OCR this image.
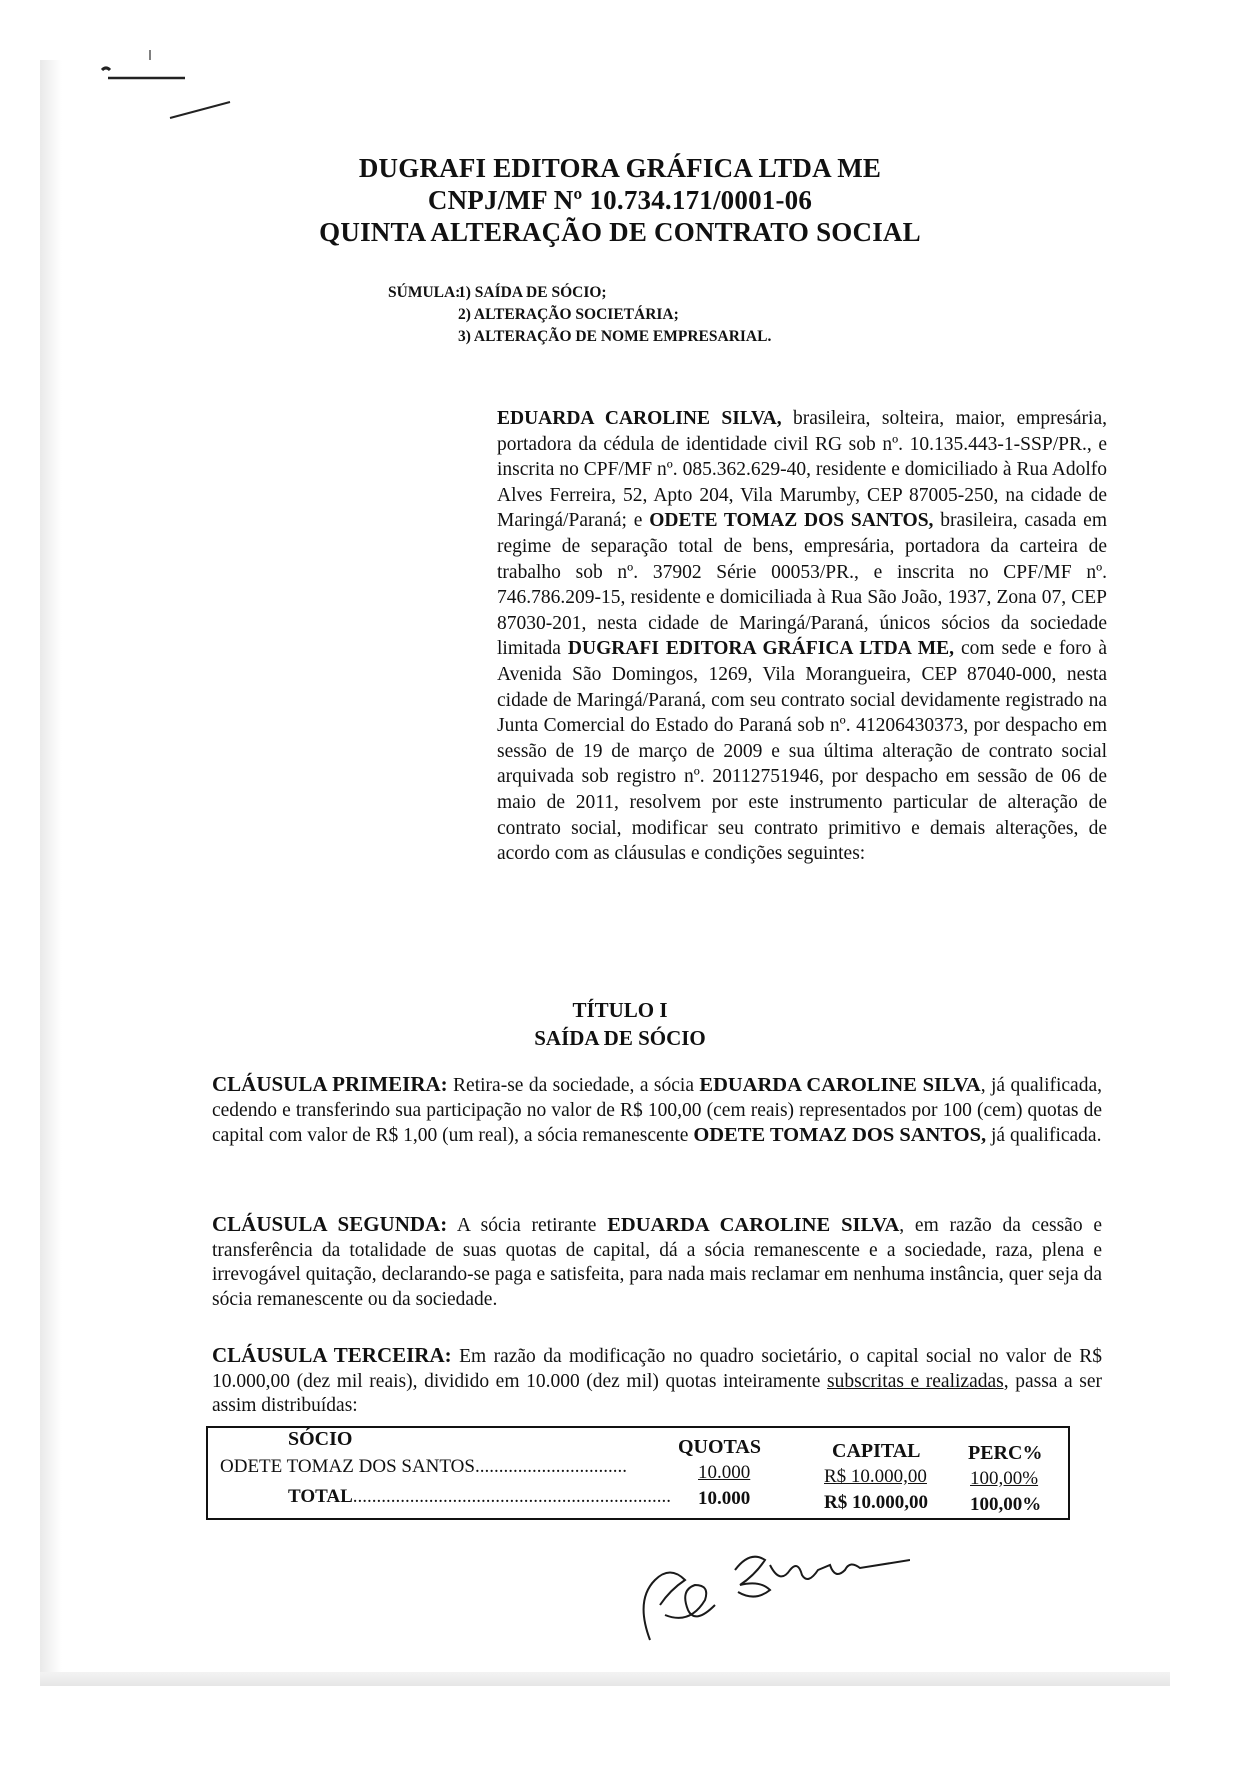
DUGRAFI EDITORA GRÁFICA LTDA ME
CNPJ/MF Nº 10.734.171/0001-06
QUINTA ALTERAÇÃO DE CONTRATO SOCIAL
SÚMULA:
1) SAÍDA DE SÓCIO;
2) ALTERAÇÃO SOCIETÁRIA;
3) ALTERAÇÃO DE NOME EMPRESARIAL.
EDUARDA CAROLINE SILVA, brasileira, solteira, maior, empresária, portadora da cédula de identidade civil RG sob nº. 10.135.443-1-SSP/PR., e inscrita no CPF/MF nº. 085.362.629-40, residente e domiciliado à Rua Adolfo Alves Ferreira, 52, Apto 204, Vila Marumby, CEP 87005-250, na cidade de Maringá/Paraná; e ODETE TOMAZ DOS SANTOS, brasileira, casada em regime de separação total de bens, empresária, portadora da carteira de trabalho sob nº. 37902 Série 00053/PR., e inscrita no CPF/MF nº. 746.786.209-15, residente e domiciliada à Rua São João, 1937, Zona 07, CEP 87030-201, nesta cidade de Maringá/Paraná, únicos sócios da sociedade limitada DUGRAFI EDITORA GRÁFICA LTDA ME, com sede e foro à Avenida São Domingos, 1269, Vila Morangueira, CEP 87040-000, nesta cidade de Maringá/Paraná, com seu contrato social devidamente registrado na Junta Comercial do Estado do Paraná sob nº. 41206430373, por despacho em sessão de 19 de março de 2009 e sua última alteração de contrato social arquivada sob registro nº. 20112751946, por despacho em sessão de 06 de maio de 2011, resolvem por este instrumento particular de alteração de contrato social, modificar seu contrato primitivo e demais alterações, de acordo com as cláusulas e condições seguintes:
TÍTULO I
SAÍDA DE SÓCIO
CLÁUSULA PRIMEIRA: Retira-se da sociedade, a sócia EDUARDA CAROLINE SILVA, já qualificada, cedendo e transferindo sua participação no valor de R$ 100,00 (cem reais) representados por 100 (cem) quotas de capital com valor de R$ 1,00 (um real), a sócia remanescente ODETE TOMAZ DOS SANTOS, já qualificada.
CLÁUSULA SEGUNDA: A sócia retirante EDUARDA CAROLINE SILVA, em razão da cessão e transferência da totalidade de suas quotas de capital, dá a sócia remanescente e a sociedade, raza, plena e irrevogável quitação, declarando-se paga e satisfeita, para nada mais reclamar em nenhuma instância, quer seja da sócia remanescente ou da sociedade.
CLÁUSULA TERCEIRA: Em razão da modificação no quadro societário, o capital social no valor de R$ 10.000,00 (dez mil reais), dividido em 10.000 (dez mil) quotas inteiramente subscritas e realizadas, passa a ser assim distribuídas:
SÓCIO	QUOTAS	CAPITAL PERC%
ODETE TOMAZ DOS SANTOS................................	10.000	R$ 10.000,00 100,00%
TOTAL................................................................... 10.000	R$ 10.000,00 100,00%
